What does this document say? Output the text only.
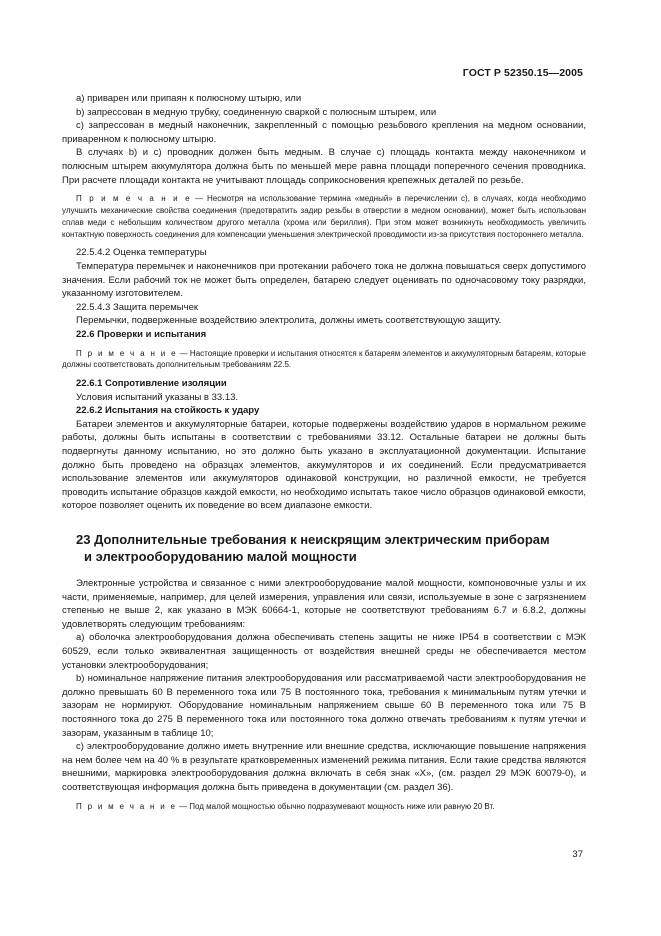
ГОСТ Р 52350.15—2005

а) приварен или припаян к полюсному штырю, или

b) запрессован в медную трубку, соединенную сваркой с полюсным штырем, или

с) запрессован в медный наконечник, закрепленный с помощью резьбового крепления на медном основании, приваренном к полюсному штырю.

В случаях b) и с) проводник должен быть медным. В случае с) площадь контакта между наконечником и полюсным штырем аккумулятора должна быть по меньшей мере равна площади поперечного сечения проводника. При расчете площади контакта не учитывают площадь соприкосновения крепежных деталей по резьбе.

П р и м е ч а н и е — Несмотря на использование термина «медный» в перечислении с), в случаях, когда необходимо улучшить механические свойства соединения (предотвратить задир резьбы в отверстии в медном основании), может быть использован сплав меди с небольшим количеством другого металла (хрома или бериллия). При этом может возникнуть необходимость увеличить контактную поверхность соединения для компенсации уменьшения электрической проводимости из-за присутствия постороннего металла.

22.5.4.2 Оценка температуры

Температура перемычек и наконечников при протекании рабочего тока не должна повышаться сверх допустимого значения. Если рабочий ток не может быть определен, батарею следует оценивать по одночасовому току разрядки, указанному изготовителем.

22.5.4.3 Защита перемычек

Перемычки, подверженные воздействию электролита, должны иметь соответствующую защиту.

22.6 Проверки и испытания

П р и м е ч а н и е — Настоящие проверки и испытания относятся к батареям элементов и аккумуляторным батареям, которые должны соответствовать дополнительным требованиям 22.5.

22.6.1 Сопротивление изоляции

Условия испытаний указаны в 33.13.

22.6.2 Испытания на стойкость к удару

Батареи элементов и аккумуляторные батареи, которые подвержены воздействию ударов в нормальном режиме работы, должны быть испытаны в соответствии с требованиями 33.12. Остальные батареи не должны быть подвергнуты данному испытанию, но это должно быть указано в эксплуатационной документации. Испытание должно быть проведено на образцах элементов, аккумуляторов и их соединений. Если предусматривается использование элементов или аккумуляторов одинаковой конструкции, но различной емкости, не требуется проводить испытание образцов каждой емкости, но необходимо испытать такое число образцов одинаковой емкости, которое позволяет оценить их поведение во всем диапазоне емкости.

23 Дополнительные требования к неискрящим электрическим приборам
и электрооборудованию малой мощности

Электронные устройства и связанное с ними электрооборудование малой мощности, компоновочные узлы и их части, применяемые, например, для целей измерения, управления или связи, используемые в зоне с загрязнением степенью не выше 2, как указано в МЭК 60664-1, которые не соответствуют требованиям 6.7 и 6.8.2, должны удовлетворять следующим требованиям:

а) оболочка электрооборудования должна обеспечивать степень защиты не ниже IP54 в соответствии с МЭК 60529, если только эквивалентная защищенность от воздействия внешней среды не обеспечивается местом установки электрооборудования;

b) номинальное напряжение питания электрооборудования или рассматриваемой части электрооборудования не должно превышать 60 В переменного тока или 75 В постоянного тока, требования к минимальным путям утечки и зазорам не нормируют. Оборудование номинальным напряжением свыше 60 В переменного тока или 75 В постоянного тока до 275 В переменного тока или постоянного тока должно отвечать требованиям к путям утечки и зазорам, указанным в таблице 10;

с) электрооборудование должно иметь внутренние или внешние средства, исключающие повышение напряжения на нем более чем на 40 % в результате кратковременных изменений режима питания. Если такие средства являются внешними, маркировка электрооборудования должна включать в себя знак «Х», (см. раздел 29 МЭК 60079-0), и соответствующая информация должна быть приведена в документации (см. раздел 36).

П р и м е ч а н и е — Под малой мощностью обычно подразумевают мощность ниже или равную 20 Вт.

37
